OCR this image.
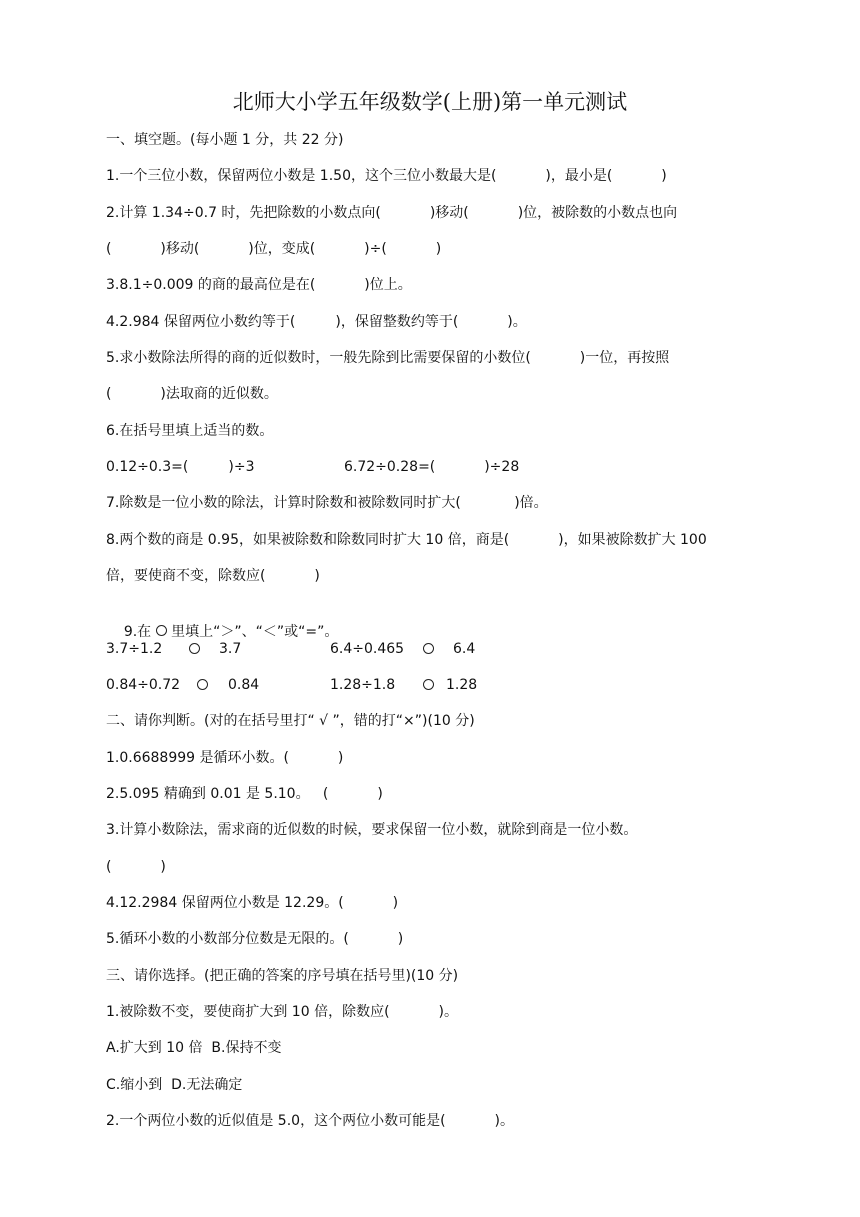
北师大小学五年级数学(上册)第一单元测试
一、填空题。(每小题 1 分，共 22 分)
1.一个三位小数，保留两位小数是 1.50，这个三位小数最大是(           )，最小是(           )
2.计算 1.34÷0.7 时，先把除数的小数点向(           )移动(           )位，被除数的小数点也向
(           )移动(           )位，变成(           )÷(           )
3.8.1÷0.009 的商的最高位是在(           )位上。
4.2.984 保留两位小数约等于(         )，保留整数约等于(           )。
5.求小数除法所得的商的近似数时，一般先除到比需要保留的小数位(           )一位，再按照
(           )法取商的近似数。
6.在括号里填上适当的数。
0.12÷0.3=(         )÷3	6.72÷0.28=(           )÷28
7.除数是一位小数的除法，计算时除数和被除数同时扩大(            )倍。
8.两个数的商是 0.95，如果被除数和除数同时扩大 10 倍，商是(           )，如果被除数扩大 100
倍，要使商不变，除数应(           )

9.在  里填上“＞”、“＜”或“=”。

3.7÷1.2	3.7	6.4÷0.465	6.4
0.84÷0.72	0.84	1.28÷1.8	1.28
二、请你判断。(对的在括号里打“ √ ”，错的打“×”)(10 分)
1.0.6688999 是循环小数。(           )
2.5.095 精确到 0.01 是 5.10。   (           )
3.计算小数除法，需求商的近似数的时候，要求保留一位小数，就除到商是一位小数。
(           )
4.12.2984 保留两位小数是 12.29。(           )
5.循环小数的小数部分位数是无限的。(           )
三、请你选择。(把正确的答案的序号填在括号里)(10 分)
1.被除数不变，要使商扩大到 10 倍，除数应(           )。
A.扩大到 10 倍  B.保持不变
C.缩小到  D.无法确定
2.一个两位小数的近似值是 5.0，这个两位小数可能是(           )。
